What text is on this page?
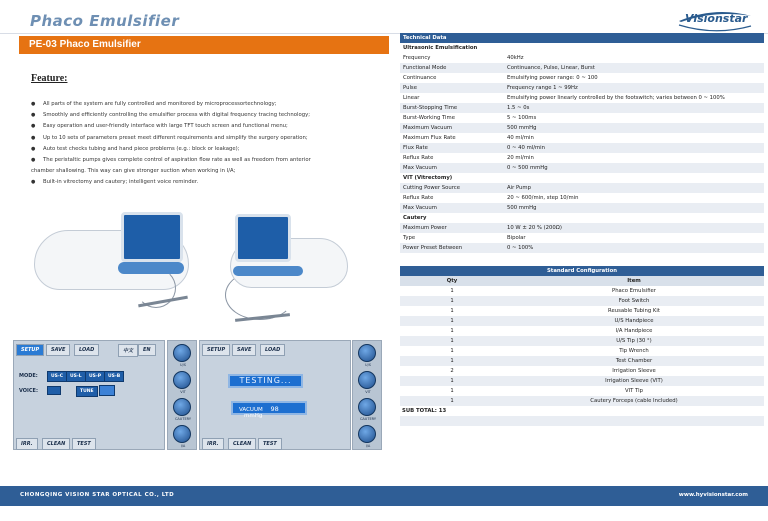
Phaco Emulsifier	Visionstar
PE-03 Phaco Emulsifier
Feature:
● All parts of the system are fully controlled and monitored by microprocessortechnology;
● Smoothly and efficiently controlling the emulsifier process with digital frequency tracing technology;
● Easy operation and user-friendly interface with large TFT touch screen and functional menu;
● Up to 10 sets of parameters preset meet different requirements and simplify the surgery operation;
● Auto test checks tubing and hand piece problems (e.g.: block or leakage);
● The peristaltic pumps gives complete control of aspiration flow rate as well as freedom from anterior
chamber shallowing. This way can give stronger suction when working in I/A;
● Built-in vitrectomy and cautery; intelligent voice reminder.
SETUP	SAVE	LOAD	中文	EN
MODE:	US-C	US-L	US-P	US-B
VOICE:	TUNE
IRR.	CLEAN	TEST
U/S
VIT
CAUTERY
I/A
SETUP	SAVE	LOAD
TESTING...
VACUUM 98 mmHg
IRR.	CLEAN	TEST
U/S
VIT
CAUTERY
I/A
Technical Data	
Ultrasonic Emulsification	
Frequency	40kHz
Functional Mode	Continuance, Pulse, Linear, Burst
Continuance	Emulsifying power range: 0 ~ 100
Pulse	Frequency range 1 ~ 99Hz
Linear	Emulsifying power linearly controlled by the footswitch; varies between 0 ~ 100%
Burst-Stopping Time	1.5 ~ 0s
Burst-Working Time	5 ~ 100ms
Maximum Vacuum	500 mmHg
Maximum Flux Rate	40 ml/min
Flux Rate	0 ~ 40 ml/min
Reflux Rate	20 ml/min
Max Vacuum	0 ~ 500 mmHg
VIT (Vitrectomy)	
Cutting Power Source	Air Pump
Reflux Rate	20 ~ 600/min, step 10/min
Max Vacuum	500 mmHg
Cautery	
Maximum Power	10 W ± 20 % (200Ω)
Type	Bipolar
Power Preset Between	0 ~ 100%
Standard Configuration	
Qty	Item
1	Phaco Emulsifier
1	Foot Switch
1	Reusable Tubing Kit
1	U/S Handpiece
1	I/A Handpiece
1	U/S Tip (30 °)
1	Tip Wrench
1	Test Chamber
2	Irrigation Sleeve
1	Irrigation Sleeve (VIT)
1	VIT Tip
1	Cautery Forceps (cable Included)
SUB TOTAL: 13	

CHONGQING VISION STAR OPTICAL CO., LTD	www.hyvisionstar.com
